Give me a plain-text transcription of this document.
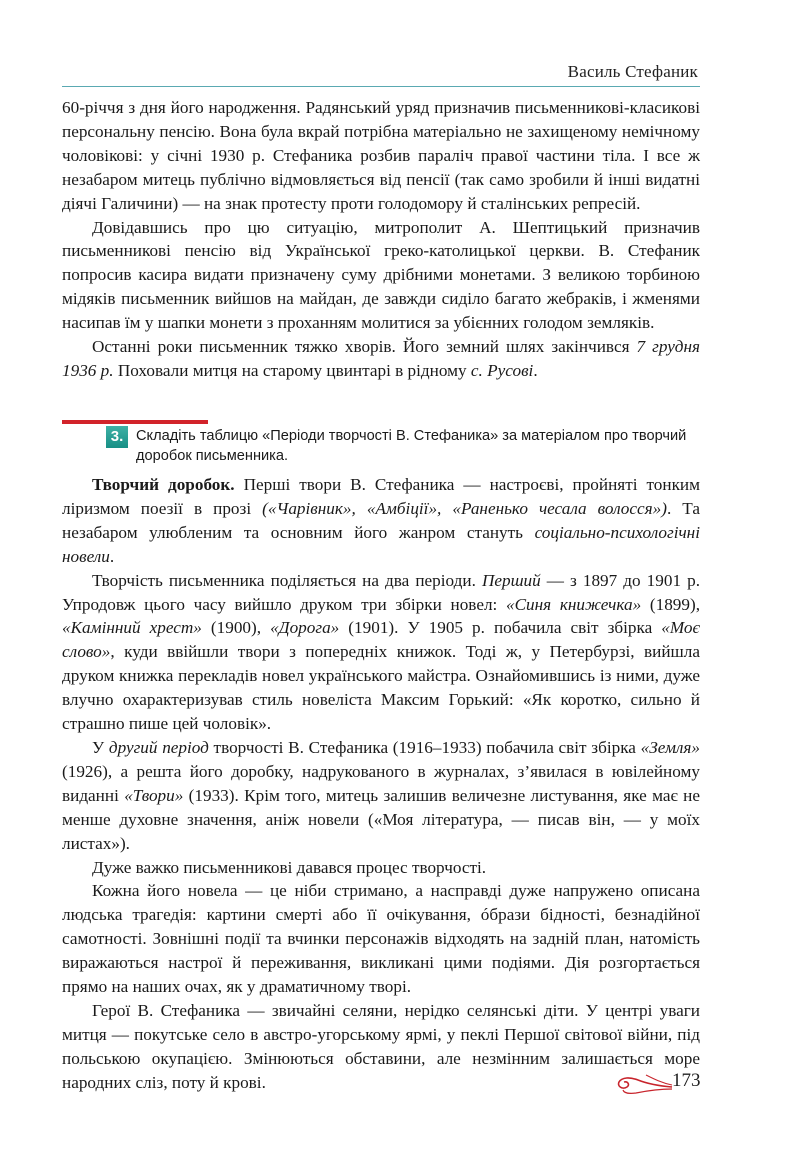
Василь Стефаник

60-річчя з дня його народження. Радянський уряд призначив письменникові-класикові персональну пенсію. Вона була вкрай потрібна матеріально не захищеному немічному чоловікові: у січні 1930 р. Стефаника розбив параліч правої частини тіла. І все ж незабаром митець публічно відмовляється від пенсії (так само зробили й інші видатні діячі Галичини) — на знак протесту проти голодомору й сталінських репресій.

Довідавшись про цю ситуацію, митрополит А. Шептицький призначив письменникові пенсію від Української греко-католицької церкви. В. Стефаник попросив касира видати призначену суму дрібними монетами. З великою торбиною мідяків письменник вийшов на майдан, де завжди сиділо багато жебраків, і жменями насипав їм у шапки монети з проханням молитися за убієнних голодом земляків.

Останні роки письменник тяжко хворів. Його земний шлях закінчився 7 грудня 1936 р. Поховали митця на старому цвинтарі в рідному с. Русові.

3. Складіть таблицю «Періоди творчості В. Стефаника» за матеріалом про творчий доробок письменника.

Творчий доробок. Перші твори В. Стефаника — настроєві, пройняті тонким ліризмом поезії в прозі («Чарівник», «Амбіції», «Раненько чесала волосся»). Та незабаром улюбленим та основним його жанром стануть соціально-психологічні новели.

Творчість письменника поділяється на два періоди. Перший — з 1897 до 1901 р. Упродовж цього часу вийшло друком три збірки новел: «Синя книжечка» (1899), «Камінний хрест» (1900), «Дорога» (1901). У 1905 р. побачила світ збірка «Моє слово», куди ввійшли твори з попередніх книжок. Тоді ж, у Петербурзі, вийшла друком книжка перекладів новел українського майстра. Ознайомившись із ними, дуже влучно охарактеризував стиль новеліста Максим Горький: «Як коротко, сильно й страшно пише цей чоловік».

У другий період творчості В. Стефаника (1916–1933) побачила світ збірка «Земля» (1926), а решта його доробку, надрукованого в журналах, з’явилася в ювілейному виданні «Твори» (1933). Крім того, митець залишив величезне листування, яке має не менше духовне значення, аніж новели («Моя література, — писав він, — у моїх листах»).

Дуже важко письменникові давався процес творчості.

Кожна його новела — це ніби стримано, а насправді дуже напружено описана людська трагедія: картини смерті або її очікування, óбрази бідності, безнадійної самотності. Зовнішні події та вчинки персонажів відходять на задній план, натомість виражаються настрої й переживання, викликані цими подіями. Дія розгортається прямо на наших очах, як у драматичному творі.

Герої В. Стефаника — звичайні селяни, нерідко селянські діти. У центрі уваги митця — покутське село в австро-угорському ярмі, у пеклі Першої світової війни, під польською окупацією. Змінюються обставини, але незмінним залишається море народних сліз, поту й крові.	173
